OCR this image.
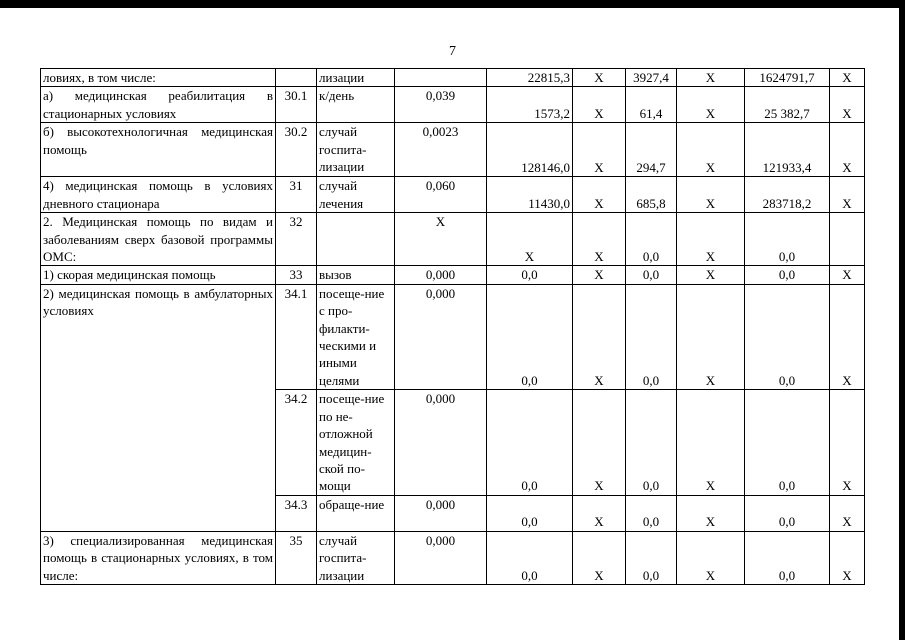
7
ловиях, в том числе:		лизации		22815,3	X	3927,4	X	1624791,7	X
а) медицинская реабилитация в стационарных условиях	30.1	к/день	0,039	1573,2	X	61,4	X	25 382,7	X
б) высокотехнологичная медицинская помощь	30.2	случай госпита-лизации	0,0023	128146,0	X	294,7	X	121933,4	X
4) медицинская помощь в условиях дневного стационара	31	случай лечения	0,060	11430,0	X	685,8	X	283718,2	X
2. Медицинская помощь по видам и заболеваниям сверх базовой программы ОМС:	32		X	X	X	0,0	X	0,0	
1) скорая медицинская помощь	33	вызов	0,000	0,0	X	0,0	X	0,0	X
2) медицинская помощь в амбулаторных условиях	34.1	посеще-ние с про-филакти-ческими и иными целями	0,000	0,0	X	0,0	X	0,0	X
	34.2	посеще-ние по не-отложной медицин-ской по-мощи	0,000	0,0	X	0,0	X	0,0	X
	34.3	обраще-ние	0,000	0,0	X	0,0	X	0,0	X
3) специализированная медицинская помощь в стационарных условиях, в том числе:	35	случай госпита-лизации	0,000	0,0	X	0,0	X	0,0	X
